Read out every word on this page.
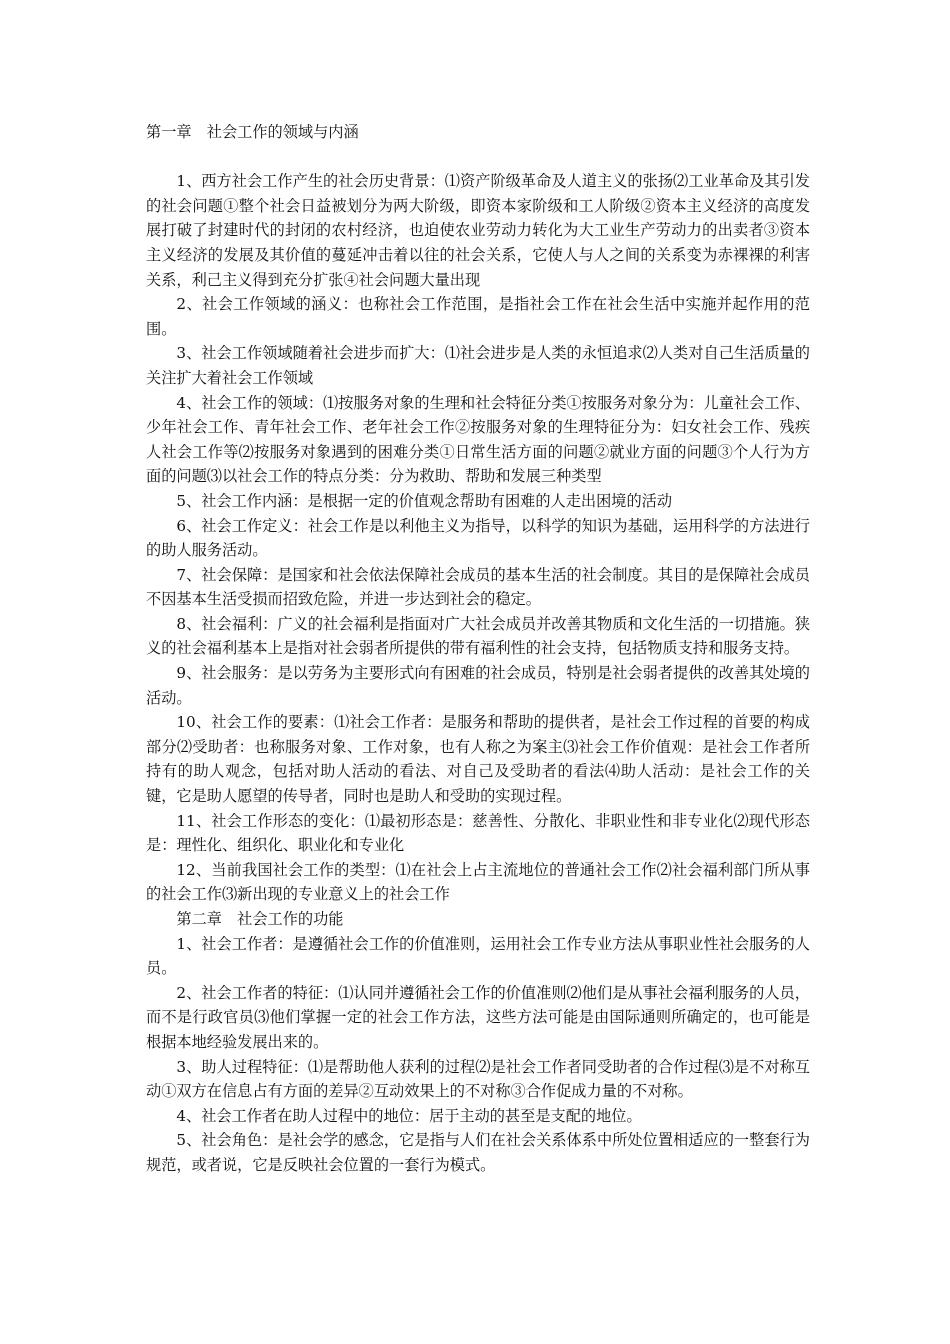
第一章　社会工作的领域与内涵

1、西方社会工作产生的社会历史背景：⑴资产阶级革命及人道主义的张扬⑵工业革命及其引发的社会问题①整个社会日益被划分为两大阶级，即资本家阶级和工人阶级②资本主义经济的高度发展打破了封建时代的封闭的农村经济，也迫使农业劳动力转化为大工业生产劳动力的出卖者③资本主义经济的发展及其价值的蔓延冲击着以往的社会关系，它使人与人之间的关系变为赤裸裸的利害关系，利己主义得到充分扩张④社会问题大量出现

2、社会工作领域的涵义：也称社会工作范围，是指社会工作在社会生活中实施并起作用的范围。

3、社会工作领域随着社会进步而扩大：⑴社会进步是人类的永恒追求⑵人类对自己生活质量的关注扩大着社会工作领域

4、社会工作的领域：⑴按服务对象的生理和社会特征分类①按服务对象分为：儿童社会工作、少年社会工作、青年社会工作、老年社会工作②按服务对象的生理特征分为：妇女社会工作、残疾人社会工作等⑵按服务对象遇到的困难分类①日常生活方面的问题②就业方面的问题③个人行为方面的问题⑶以社会工作的特点分类：分为救助、帮助和发展三种类型

5、社会工作内涵：是根据一定的价值观念帮助有困难的人走出困境的活动

6、社会工作定义：社会工作是以利他主义为指导，以科学的知识为基础，运用科学的方法进行的助人服务活动。

7、社会保障：是国家和社会依法保障社会成员的基本生活的社会制度。其目的是保障社会成员不因基本生活受损而招致危险，并进一步达到社会的稳定。

8、社会福利：广义的社会福利是指面对广大社会成员并改善其物质和文化生活的一切措施。狭义的社会福利基本上是指对社会弱者所提供的带有福利性的社会支持，包括物质支持和服务支持。

9、社会服务：是以劳务为主要形式向有困难的社会成员，特别是社会弱者提供的改善其处境的活动。

10、社会工作的要素：⑴社会工作者：是服务和帮助的提供者，是社会工作过程的首要的构成部分⑵受助者：也称服务对象、工作对象，也有人称之为案主⑶社会工作价值观：是社会工作者所持有的助人观念，包括对助人活动的看法、对自己及受助者的看法⑷助人活动：是社会工作的关键，它是助人愿望的传导者，同时也是助人和受助的实现过程。

11、社会工作形态的变化：⑴最初形态是：慈善性、分散化、非职业性和非专业化⑵现代形态是：理性化、组织化、职业化和专业化

12、当前我国社会工作的类型：⑴在社会上占主流地位的普通社会工作⑵社会福利部门所从事的社会工作⑶新出现的专业意义上的社会工作

第二章　社会工作的功能

1、社会工作者：是遵循社会工作的价值准则，运用社会工作专业方法从事职业性社会服务的人员。

2、社会工作者的特征：⑴认同并遵循社会工作的价值准则⑵他们是从事社会福利服务的人员，而不是行政官员⑶他们掌握一定的社会工作方法，这些方法可能是由国际通则所确定的，也可能是根据本地经验发展出来的。

3、助人过程特征：⑴是帮助他人获利的过程⑵是社会工作者同受助者的合作过程⑶是不对称互动①双方在信息占有方面的差异②互动效果上的不对称③合作促成力量的不对称。

4、社会工作者在助人过程中的地位：居于主动的甚至是支配的地位。

5、社会角色：是社会学的感念，它是指与人们在社会关系体系中所处位置相适应的一整套行为规范，或者说，它是反映社会位置的一套行为模式。
